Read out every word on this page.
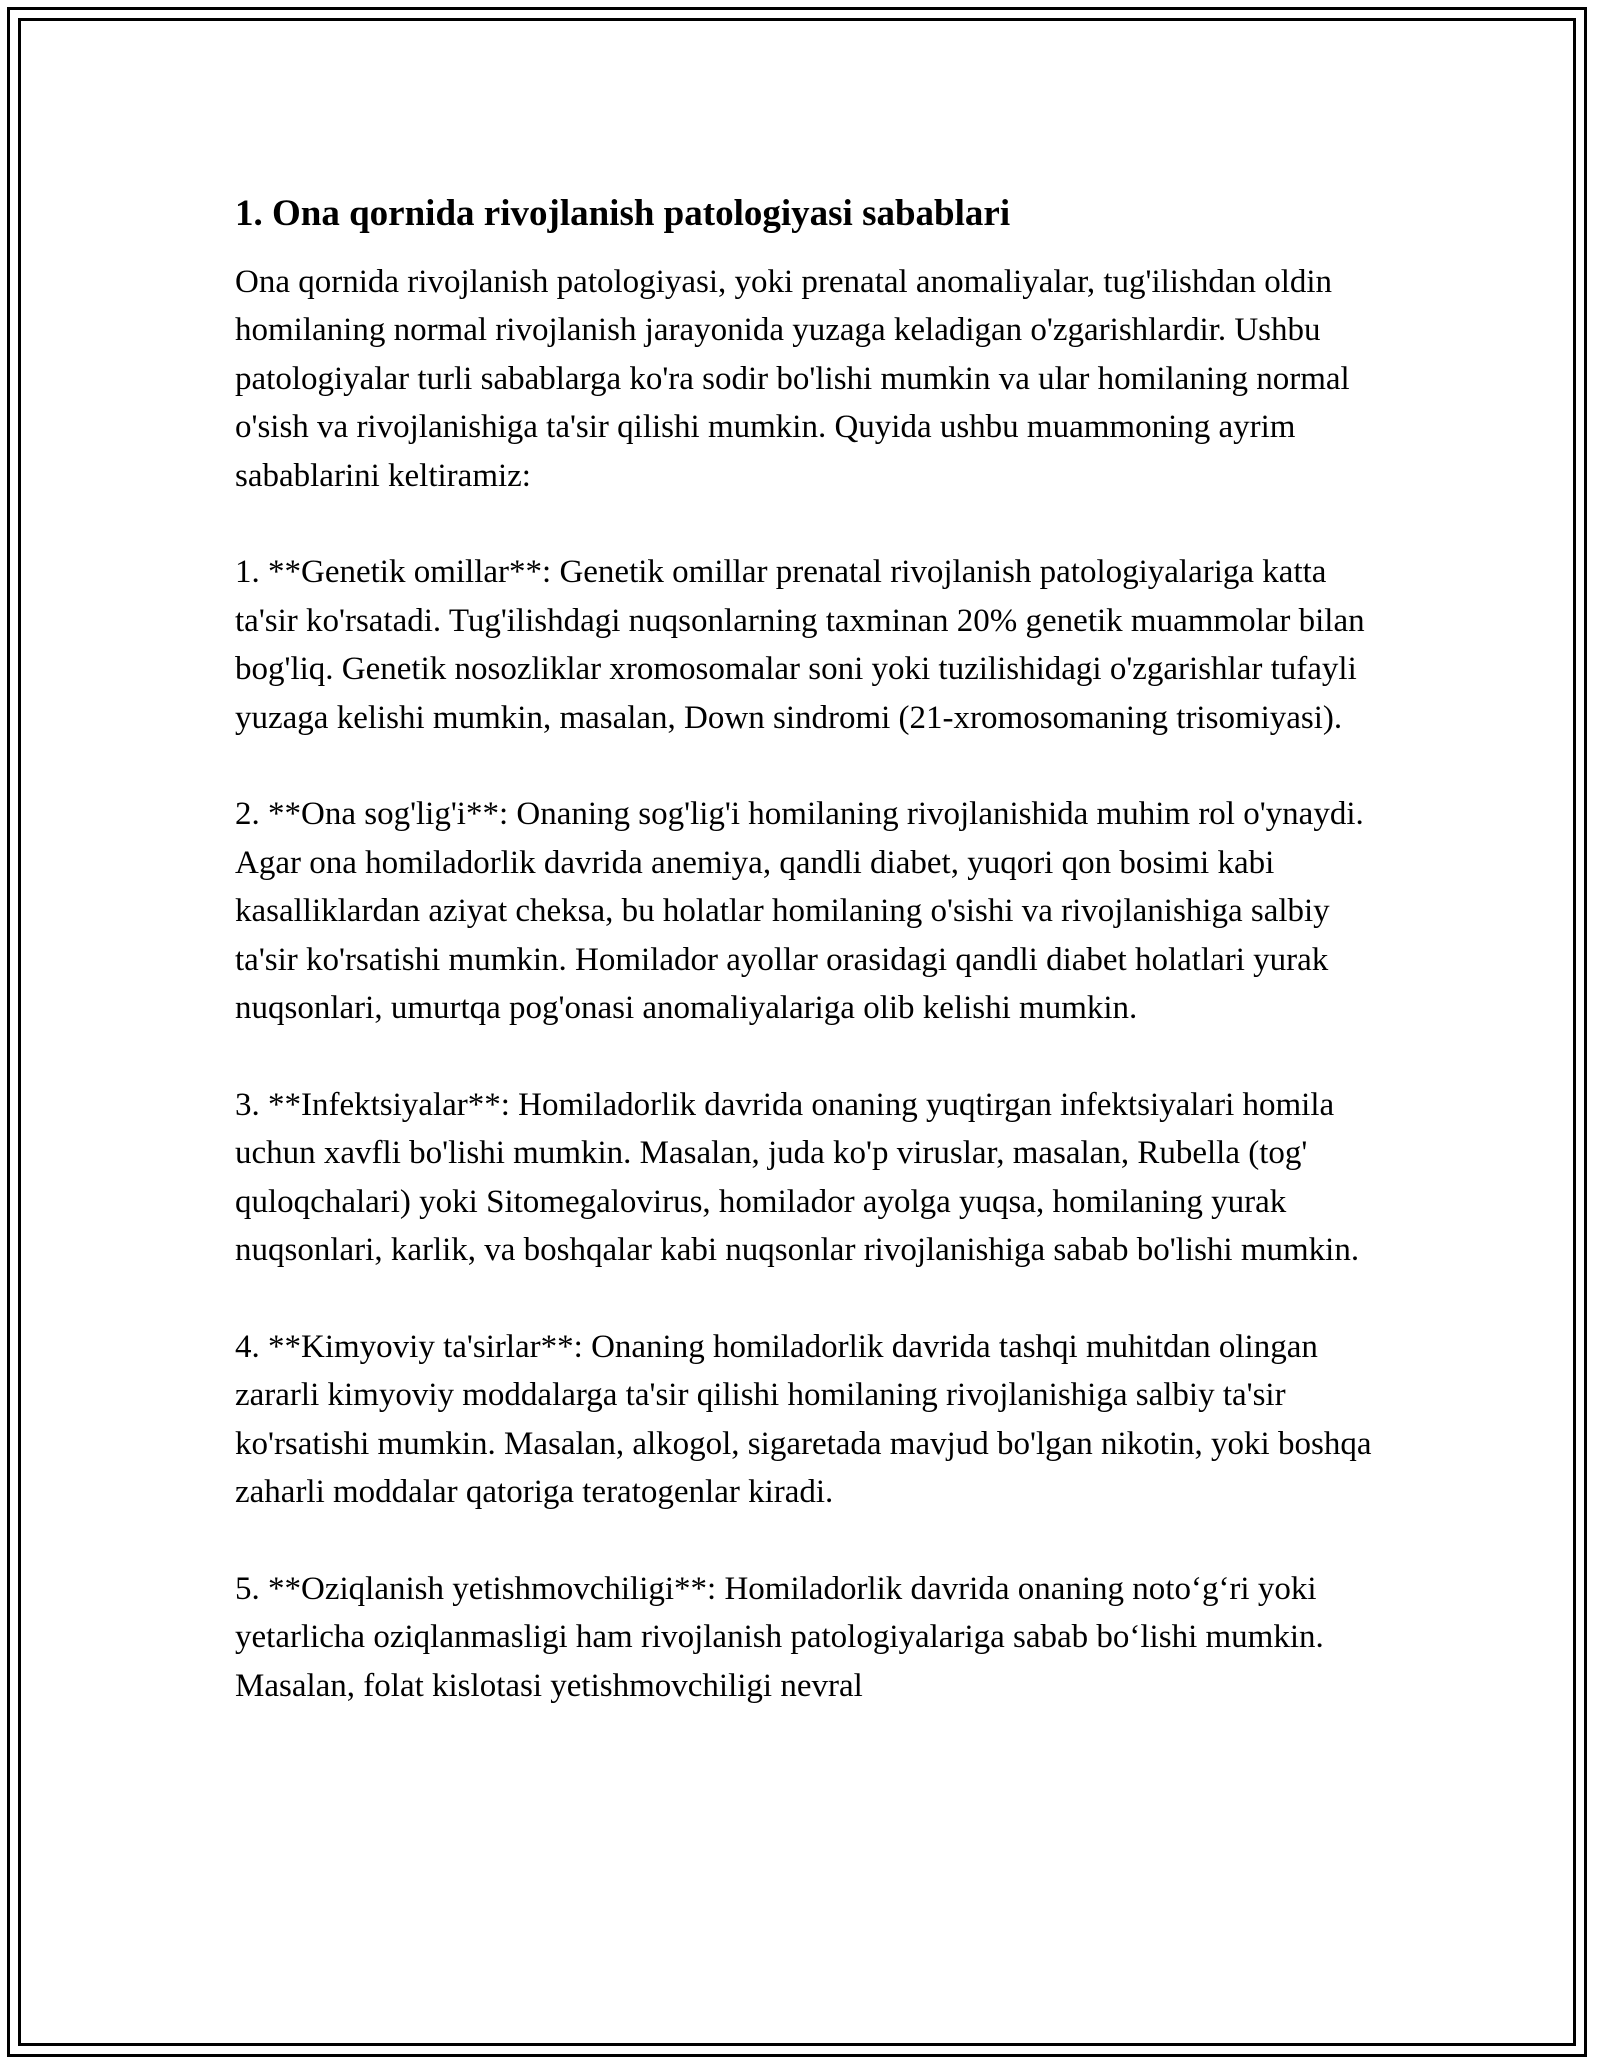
1. Ona qornida rivojlanish patologiyasi sabablari

Ona qornida rivojlanish patologiyasi, yoki prenatal anomaliyalar, tug'ilishdan oldin homilaning normal rivojlanish jarayonida yuzaga keladigan o'zgarishlardir. Ushbu patologiyalar turli sabablarga ko'ra sodir bo'lishi mumkin va ular homilaning normal o'sish va rivojlanishiga ta'sir qilishi mumkin. Quyida ushbu muammoning ayrim sabablarini keltiramiz:

1. **Genetik omillar**: Genetik omillar prenatal rivojlanish patologiyalariga katta ta'sir ko'rsatadi. Tug'ilishdagi nuqsonlarning taxminan 20% genetik muammolar bilan bog'liq. Genetik nosozliklar xromosomalar soni yoki tuzilishidagi o'zgarishlar tufayli yuzaga kelishi mumkin, masalan, Down sindromi (21-xromosomaning trisomiyasi).

2. **Ona sog'lig'i**: Onaning sog'lig'i homilaning rivojlanishida muhim rol o'ynaydi. Agar ona homiladorlik davrida anemiya, qandli diabet, yuqori qon bosimi kabi kasalliklardan aziyat cheksa, bu holatlar homilaning o'sishi va rivojlanishiga salbiy ta'sir ko'rsatishi mumkin. Homilador ayollar orasidagi qandli diabet holatlari yurak nuqsonlari, umurtqa pog'onasi anomaliyalariga olib kelishi mumkin.

3. **Infektsiyalar**: Homiladorlik davrida onaning yuqtirgan infektsiyalari homila uchun xavfli bo'lishi mumkin. Masalan, juda ko'p viruslar, masalan, Rubella (tog' quloqchalari) yoki Sitomegalovirus, homilador ayolga yuqsa, homilaning yurak nuqsonlari, karlik, va boshqalar kabi nuqsonlar rivojlanishiga sabab bo'lishi mumkin.

4. **Kimyoviy ta'sirlar**: Onaning homiladorlik davrida tashqi muhitdan olingan zararli kimyoviy moddalarga ta'sir qilishi homilaning rivojlanishiga salbiy ta'sir ko'rsatishi mumkin. Masalan, alkogol, sigaretada mavjud bo'lgan nikotin, yoki boshqa zaharli moddalar qatoriga teratogenlar kiradi.

5. **Oziqlanish yetishmovchiligi**: Homiladorlik davrida onaning noto‘g‘ri yoki yetarlicha oziqlanmasligi ham rivojlanish patologiyalariga sabab bo‘lishi mumkin. Masalan, folat kislotasi yetishmovchiligi nevral
